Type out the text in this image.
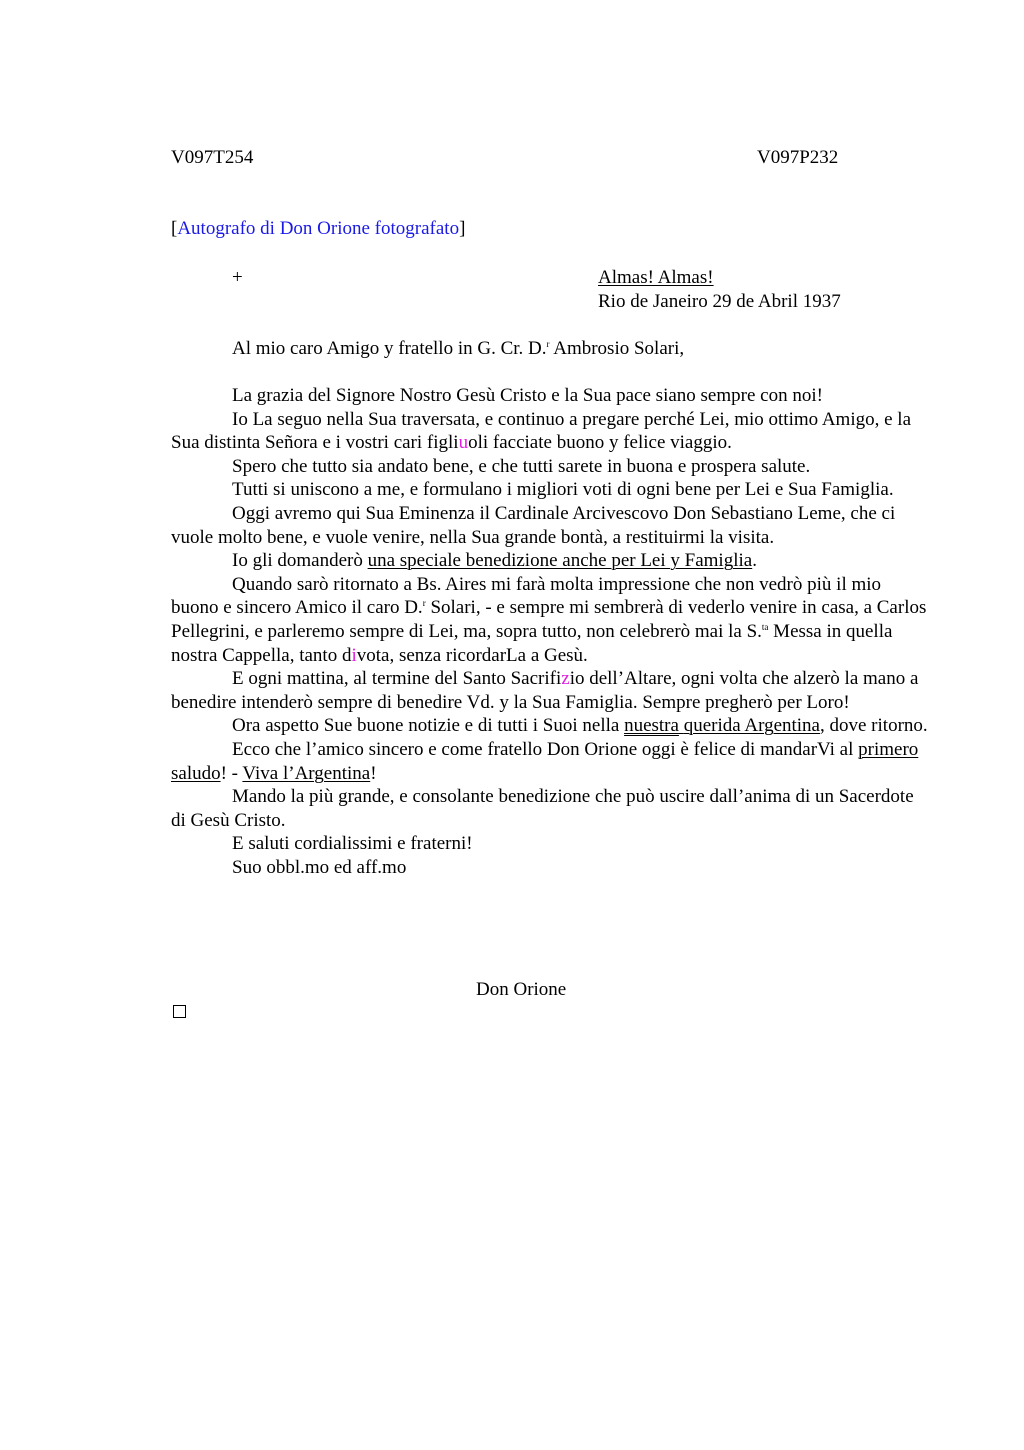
V097T254	V097P232
[Autografo di Don Orione fotografato]
+	Almas! Almas!
Rio de Janeiro 29 de Abril 1937
Al mio caro Amigo y fratello in G. Cr. D.$^r$ Ambrosio Solari,

La grazia del Signore Nostro Gesù Cristo e la Sua pace siano sempre con noi!

Io La seguo nella Sua traversata, e continuo a pregare perché Lei, mio ottimo Amigo, e la Sua distinta Señora e i vostri cari figliuoli facciate buono y felice viaggio.

Spero che tutto sia andato bene, e che tutti sarete in buona e prospera salute.

Tutti si uniscono a me, e formulano i migliori voti di ogni bene per Lei e Sua Famiglia.

Oggi avremo qui Sua Eminenza il Cardinale Arcivescovo Don Sebastiano Leme, che ci vuole molto bene, e vuole venire, nella Sua grande bontà, a restituirmi la visita.

Io gli domanderò una speciale benedizione anche per Lei y Famiglia.

Quando sarò ritornato a Bs. Aires mi farà molta impressione che non vedrò più il mio buono e sincero Amico il caro D.$^r$ Solari, - e sempre mi sembrerà di vederlo venire in casa, a Carlos Pellegrini, e parleremo sempre di Lei, ma, sopra tutto, non celebrerò mai la S.$^{ta}$ Messa in quella nostra Cappella, tanto divota, senza ricordarLa a Gesù.

E ogni mattina, al termine del Santo Sacrifizio dell’Altare, ogni volta che alzerò la mano a benedire intenderò sempre di benedire Vd. y la Sua Famiglia. Sempre pregherò per Loro!

Ora aspetto Sue buone notizie e di tutti i Suoi nella nuestra querida Argentina, dove ritorno.

Ecco che l’amico sincero e come fratello Don Orione oggi è felice di mandarVi al primero saludo! - Viva l’Argentina!

Mando la più grande, e consolante benedizione che può uscire dall’anima di un Sacerdote di Gesù Cristo.

E saluti cordialissimi e fraterni!

Suo obbl.mo ed aff.mo

Don Orione
